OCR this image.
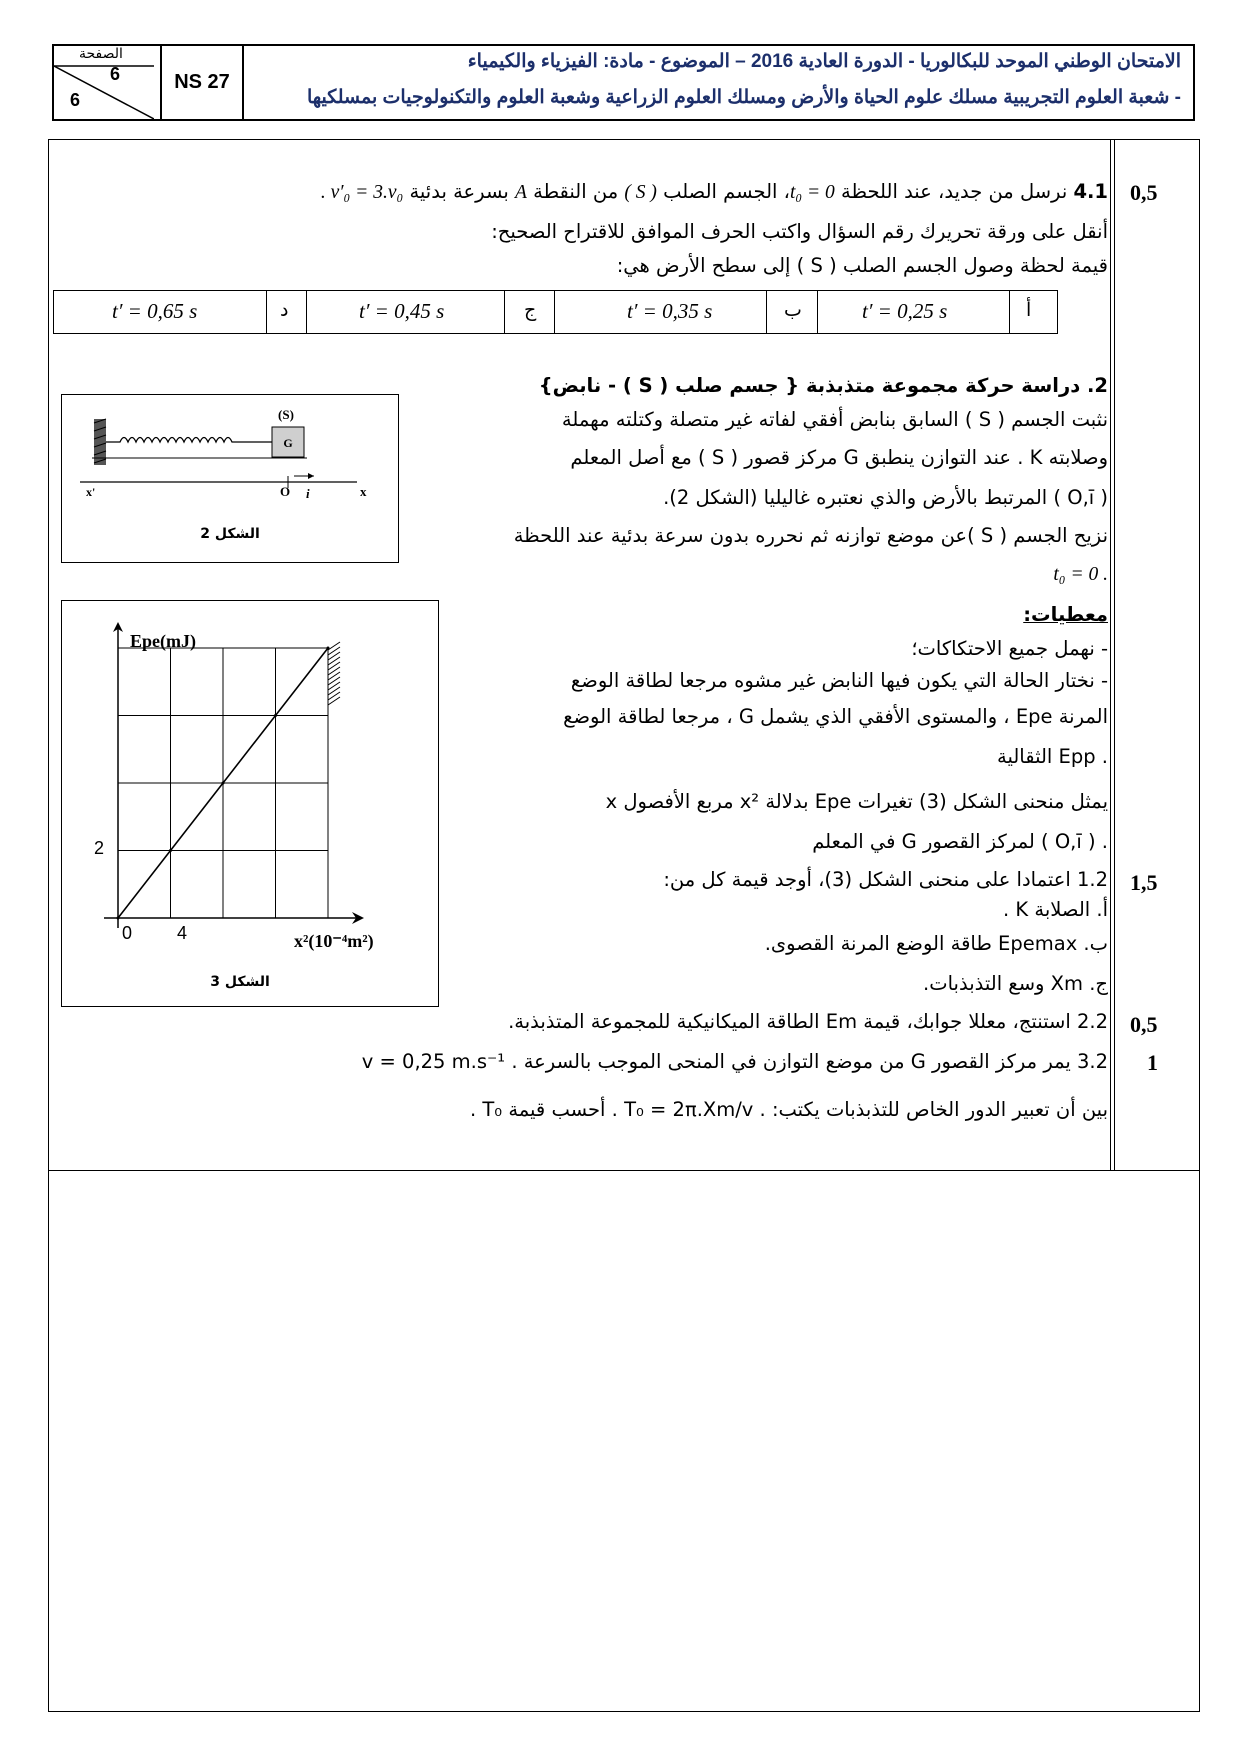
الصفحة
6
6
NS 27
الامتحان الوطني الموحد للبكالوريا - الدورة العادية 2016 – الموضوع - مادة: الفيزياء والكيمياء
- شعبة العلوم التجريبية مسلك علوم الحياة والأرض ومسلك العلوم الزراعية وشعبة العلوم والتكنولوجيات بمسلكيها
0,5
4.1 نرسل من جديد، عند اللحظة t₀ = 0، الجسم الصلب ( S ) من النقطة A بسرعة بدئية . v′₀ = 3.v₀
أنقل على ورقة تحريرك رقم السؤال واكتب الحرف الموافق للاقتراح الصحيح:
قيمة لحظة وصول الجسم الصلب ( S ) إلى سطح الأرض هي:
أ
t′ = 0,25 s
ب
t′ = 0,35 s
ج
t′ = 0,45 s
د
t′ = 0,65 s
2. دراسة حركة مجموعة متذبذبة { جسم صلب ( S ) - نابض}
نثبت الجسم ( S ) السابق بنابض أفقي لفاته غير متصلة وكتلته مهملة
وصلابته K . عند التوازن ينطبق G مركز قصور ( S ) مع أصل المعلم
( O,ī ) المرتبط بالأرض والذي نعتبره غاليليا (الشكل 2).
نزيح الجسم ( S )عن موضع توازنه ثم نحرره بدون سرعة بدئية عند اللحظة
. t₀ = 0
(S)
G
x'	O i	x
الشكل 2
معطيات:
- نهمل جميع الاحتكاكات؛
- نختار الحالة التي يكون فيها النابض غير مشوه مرجعا لطاقة الوضع
المرنة Epe ، والمستوى الأفقي الذي يشمل G ، مرجعا لطاقة الوضع
. Epp الثقالية
يمثل منحنى الشكل (3) تغيرات Epe بدلالة x² مربع الأفصول x
. ( O,ī ) لمركز القصور G في المعلم
Epe(mJ)
x²(10⁻⁴m²)
0 4
2
الشكل 3
1,5
1.2 اعتمادا على منحنى الشكل (3)، أوجد قيمة كل من:
أ. الصلابة K .
ب. Epemax طاقة الوضع المرنة القصوى.
ج. Xm وسع التذبذبات.
0,5
2.2 استنتج، معللا جوابك، قيمة Em الطاقة الميكانيكية للمجموعة المتذبذبة.
1
3.2 يمر مركز القصور G من موضع التوازن في المنحى الموجب بالسرعة . v = 0,25 m.s⁻¹
بين أن تعبير الدور الخاص للتذبذبات يكتب: . T₀ = 2π.Xm/v . أحسب قيمة T₀ .
